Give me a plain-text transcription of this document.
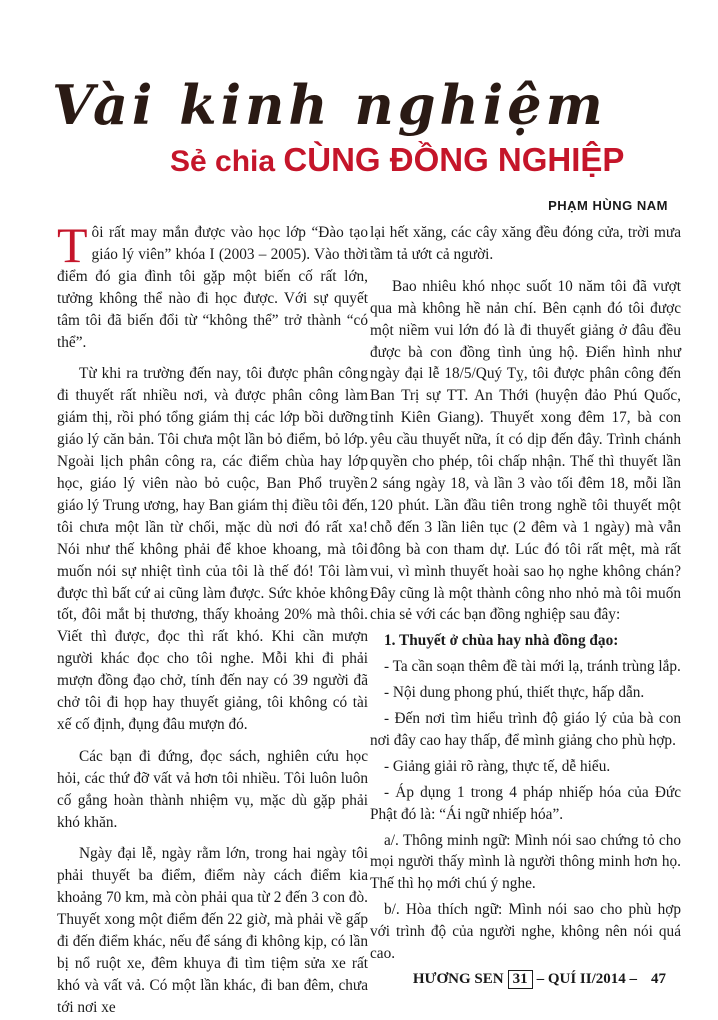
Vài kinh nghiệm
Sẻ chia CÙNG ĐỒNG NGHIỆP
PHẠM HÙNG NAM

Tôi rất may mắn được vào học lớp “Đào tạo giáo lý viên” khóa I (2003 – 2005). Vào thời điểm đó gia đình tôi gặp một biến cố rất lớn, tưởng không thể nào đi học được. Với sự quyết tâm tôi đã biến đổi từ “không thể” trở thành “có thể”.

Từ khi ra trường đến nay, tôi được phân công đi thuyết rất nhiều nơi, và được phân công làm giám thị, rồi phó tổng giám thị các lớp bồi dưỡng giáo lý căn bản. Tôi chưa một lần bỏ điểm, bỏ lớp. Ngoài lịch phân công ra, các điểm chùa hay lớp học, giáo lý viên nào bỏ cuộc, Ban Phổ truyền giáo lý Trung ương, hay Ban giám thị điều tôi đến, tôi chưa một lần từ chối, mặc dù nơi đó rất xa! Nói như thế không phải để khoe khoang, mà tôi muốn nói sự nhiệt tình của tôi là thế đó! Tôi làm được thì bất cứ ai cũng làm được. Sức khỏe không tốt, đôi mắt bị thương, thấy khoảng 20% mà thôi. Viết thì được, đọc thì rất khó. Khi cần mượn người khác đọc cho tôi nghe. Mỗi khi đi phải mượn đồng đạo chở, tính đến nay có 39 người đã chở tôi đi họp hay thuyết giảng, tôi không có tài xế cố định, đụng đâu mượn đó.

Các bạn đi đứng, đọc sách, nghiên cứu học hỏi, các thứ đỡ vất vả hơn tôi nhiều. Tôi luôn luôn cố gắng hoàn thành nhiệm vụ, mặc dù gặp phải khó khăn.

Ngày đại lễ, ngày rằm lớn, trong hai ngày tôi phải thuyết ba điểm, điểm này cách điểm kia khoảng 70 km, mà còn phải qua từ 2 đến 3 con đò. Thuyết xong một điểm đến 22 giờ, mà phải về gấp đi đến điểm khác, nếu để sáng đi không kịp, có lần bị nổ ruột xe, đêm khuya đi tìm tiệm sửa xe rất khó và vất vả. Có một lần khác, đi ban đêm, chưa tới nơi xe

lại hết xăng, các cây xăng đều đóng cửa, trời mưa tầm tả ướt cả người.

Bao nhiêu khó nhọc suốt 10 năm tôi đã vượt qua mà không hề nản chí. Bên cạnh đó tôi được một niềm vui lớn đó là đi thuyết giảng ở đâu đều được bà con đồng tình ủng hộ. Điển hình như ngày đại lễ 18/5/Quý Tỵ, tôi được phân công đến Ban Trị sự TT. An Thới (huyện đảo Phú Quốc, tỉnh Kiên Giang). Thuyết xong đêm 17, bà con yêu cầu thuyết nữa, ít có dịp đến đây. Trình chánh quyền cho phép, tôi chấp nhận. Thế thì thuyết lần 2 sáng ngày 18, và lần 3 vào tối đêm 18, mỗi lần 120 phút. Lần đầu tiên trong nghề tôi thuyết một chỗ đến 3 lần liên tục (2 đêm và 1 ngày) mà vẫn đông bà con tham dự. Lúc đó tôi rất mệt, mà rất vui, vì mình thuyết hoài sao họ nghe không chán? Đây cũng là một thành công nho nhỏ mà tôi muốn chia sẻ với các bạn đồng nghiệp sau đây:

1. Thuyết ở chùa hay nhà đồng đạo:

- Ta cần soạn thêm đề tài mới lạ, tránh trùng lắp.

- Nội dung phong phú, thiết thực, hấp dẫn.

- Đến nơi tìm hiểu trình độ giáo lý của bà con nơi đây cao hay thấp, để mình giảng cho phù hợp.

- Giảng giải rõ ràng, thực tế, dễ hiểu.

- Áp dụng 1 trong 4 pháp nhiếp hóa của Đức Phật đó là: “Ái ngữ nhiếp hóa”.

a/. Thông minh ngữ: Mình nói sao chứng tỏ cho mọi người thấy mình là người thông minh hơn họ. Thế thì họ mới chú ý nghe.

b/. Hòa thích ngữ: Mình nói sao cho phù hợp với trình độ của người nghe, không nên nói quá cao.

HƯƠNG SEN 31 – QUÍ II/2014 – 47
